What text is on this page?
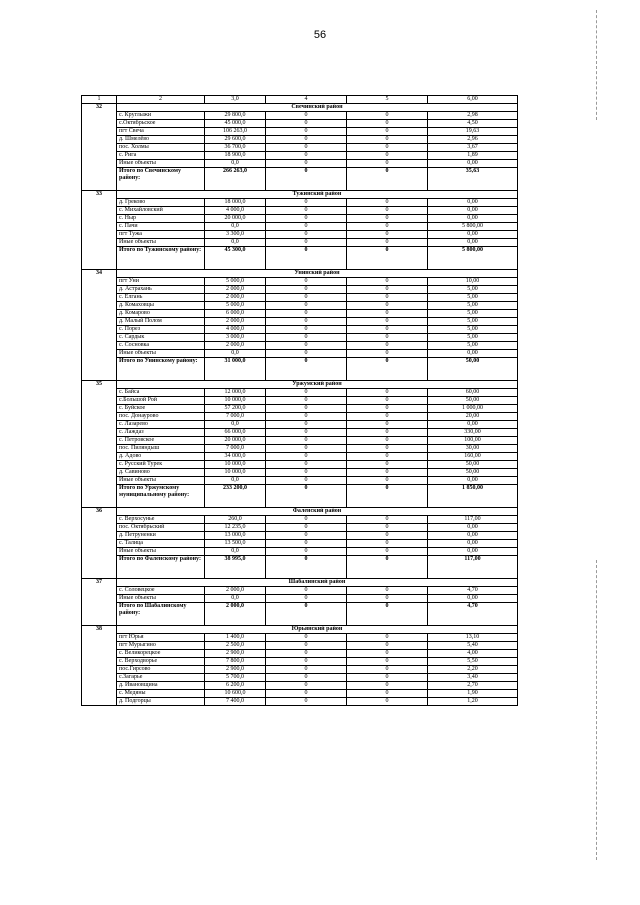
56
1	2	3,0	4	5	6,00
32	Свечинский район				
	с. Круглыжи	29 800,0	0	0	2,98
	с.Октябрьское	45 000,0	0	0	4,50
	пгт Свеча	106 263,0	0	0	19,63
	д. Шмелёво	29 600,0	0	0	2,96
	пос. Холмы	36 700,0	0	0	3,67
	с. Рига	18 900,0	0	0	1,89
	Иные объекты	0,0	0	0	0,00
	Итого по Свечинскому району:	266 263,0	0	0	35,63
33	Тужинский район				
	д. Греково	18 000,0	0	0	0,00
	с. Михайловский	4 000,0	0	0	0,00
	с. Ныр	20 000,0	0	0	0,00
	с. Пачи	0,0	0	0	5 800,00
	пгт Тужа	3 300,0	0	0	0,00
	Иные объекты	0,0	0	0	0,00
	Итого по Тужинскому району:	45 300,0	0	0	5 800,00
34	Унинский район				
	пгт Уни	5 000,0	0	0	10,00
	д. Астрахань	2 000,0	0	0	5,00
	с. Елгань	2 000,0	0	0	5,00
	д. Комаховцы	5 000,0	0	0	5,00
	д. Комарово	6 000,0	0	0	5,00
	д. Малый Полом	2 000,0	0	0	5,00
	с. Порез	4 000,0	0	0	5,00
	с. Сардык	3 000,0	0	0	5,00
	с. Сосновка	2 000,0	0	0	5,00
	Иные объекты	0,0	0	0	0,00
	Итого по Унинскому району:	31 000,0	0	0	50,00
35	Уржумский район				
	с. Байса	12 000,0	0	0	60,00
	с.Большой Рой	10 000,0	0	0	50,00
	с. Буйское	57 200,0	0	0	1 000,00
	пос. Донаурово	7 000,0	0	0	20,00
	с. Лазарево	0,0	0	0	0,00
	с. Лаждаз	66 000,0	0	0	330,00
	с. Петровское	20 000,0	0	0	100,00
	пос. Пиляндыш	7 000,0	0	0	30,00
	д. Адово	34 000,0	0	0	160,00
	с. Русский Турек	10 000,0	0	0	50,00
	д. Савиново	10 000,0	0	0	50,00
	Иные объекты	0,0	0	0	0,00
	Итого по Уржумскому муниципальному району:	233 200,0	0	0	1 850,00
36	Фаленский район				
	с. Верхосунье	260,0	0	0	117,00
	пос. Октябрьский	12 235,0	0	0	0,00
	д. Петруненки	13 000,0	0	0	0,00
	с. Талица	13 500,0	0	0	0,00
	Иные объекты	0,0	0	0	0,00
	Итого по Фаленскому району:	38 995,0	0	0	117,00
37	Шабалинский район				
	с. Соловецкое	2 000,0	0	0	4,70
	Иные объекты	0,0	0	0	0,00
	Итого по Шабалинскому району:	2 000,0	0	0	4,70
38	Юрьянский район				
	пгт Юрья	1 400,0	0	0	13,10
	пгт Мурыгино	2 500,0	0	0	5,40
	с. Великорецкое	2 900,0	0	0	4,00
	с. Верходворье	7 800,0	0	0	5,50
	пос.Гирсово	2 900,0	0	0	2,20
	с.Загарье	5 700,0	0	0	3,40
	д. Ивановщина	6 200,0	0	0	2,70
	с. Медяны	10 600,0	0	0	1,90
	д. Подгорцы	7 400,0	0	0	1,20
